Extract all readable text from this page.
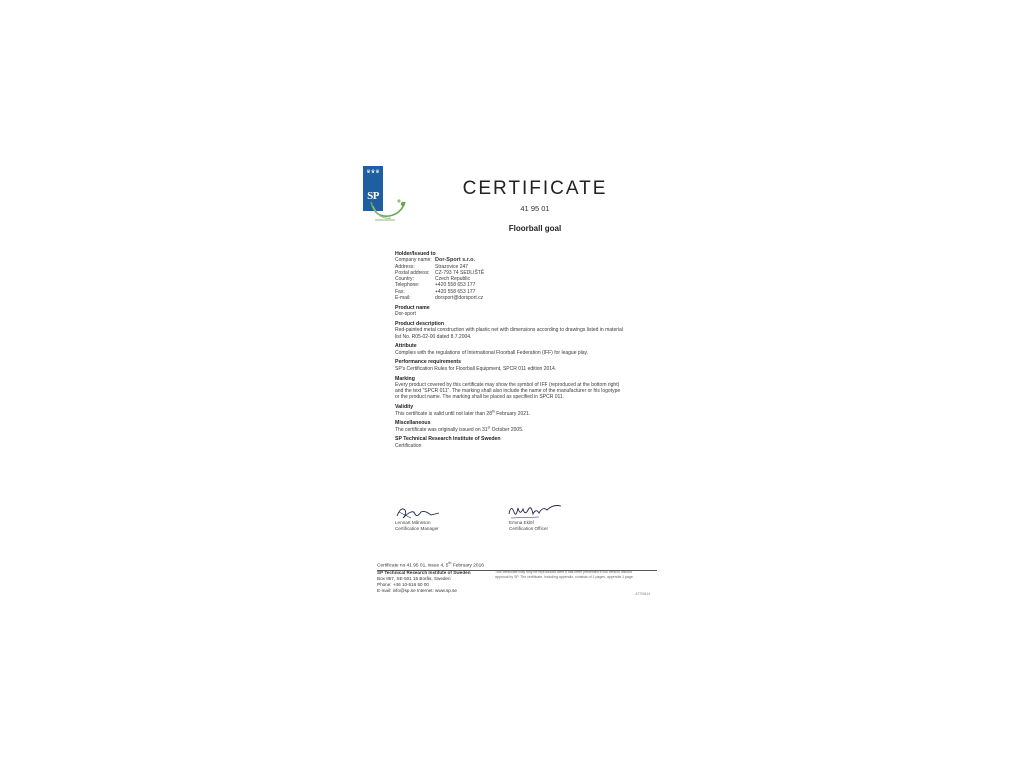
♛♛♛
SP	CERTIFICATE
41 95 01
Floorball goal
Holder/Issued to
Company name: Dor-Sport s.r.o.
Address:	Strazovice 247
Postal address:	CZ-793 74 SEDLIŠTĚ
Country:	Czech Republic
Telephone:	+420 558 653 177
Fax:	+420 558 653 177
E-mail:	dorsport@dorsport.cz
Product name
Dor-sport
Product description
Red-painted metal construction with plastic net with dimensions according to drawings listed in material list No. R05-02-00 dated 8.7.2004.
Attribute
Complies with the regulations of International Floorball Federation (IFF) for league play.
Performance requirements
SP's Certification Rules for Floorball Equipment, SPCR 011 edition 2014.
Marking
Every product covered by this certificate may show the symbol of IFF (reproduced at the bottom right) and the text "SPCR 011". The marking shall also include the name of the manufacturer or his logotype or the product name. The marking shall be placed as specified in SPCR 011.
Validity
This certificate is valid until not later than 28th February 2021.
Miscellaneous
The certificate was originally issued on 31st October 2005.
SP Technical Research Institute of Sweden
Certification
Lennart Månsson
Certification Manager
Emma Eklöf
Certification Officer
Certificate no 41 95 01, issue 4, 5th February 2016
SP Technical Research Institute of Sweden
Box 857, SE-501 15 Borås, Sweden
Phone: +46 10-516 50 00
E-mail: info@sp.se Internet: www.sp.se
This certificate may only be reproduced after it has been presented in full version without approval by SP. The certificate, including appendix, consists of 1 pages, appendix 1 page.
ATT00414
